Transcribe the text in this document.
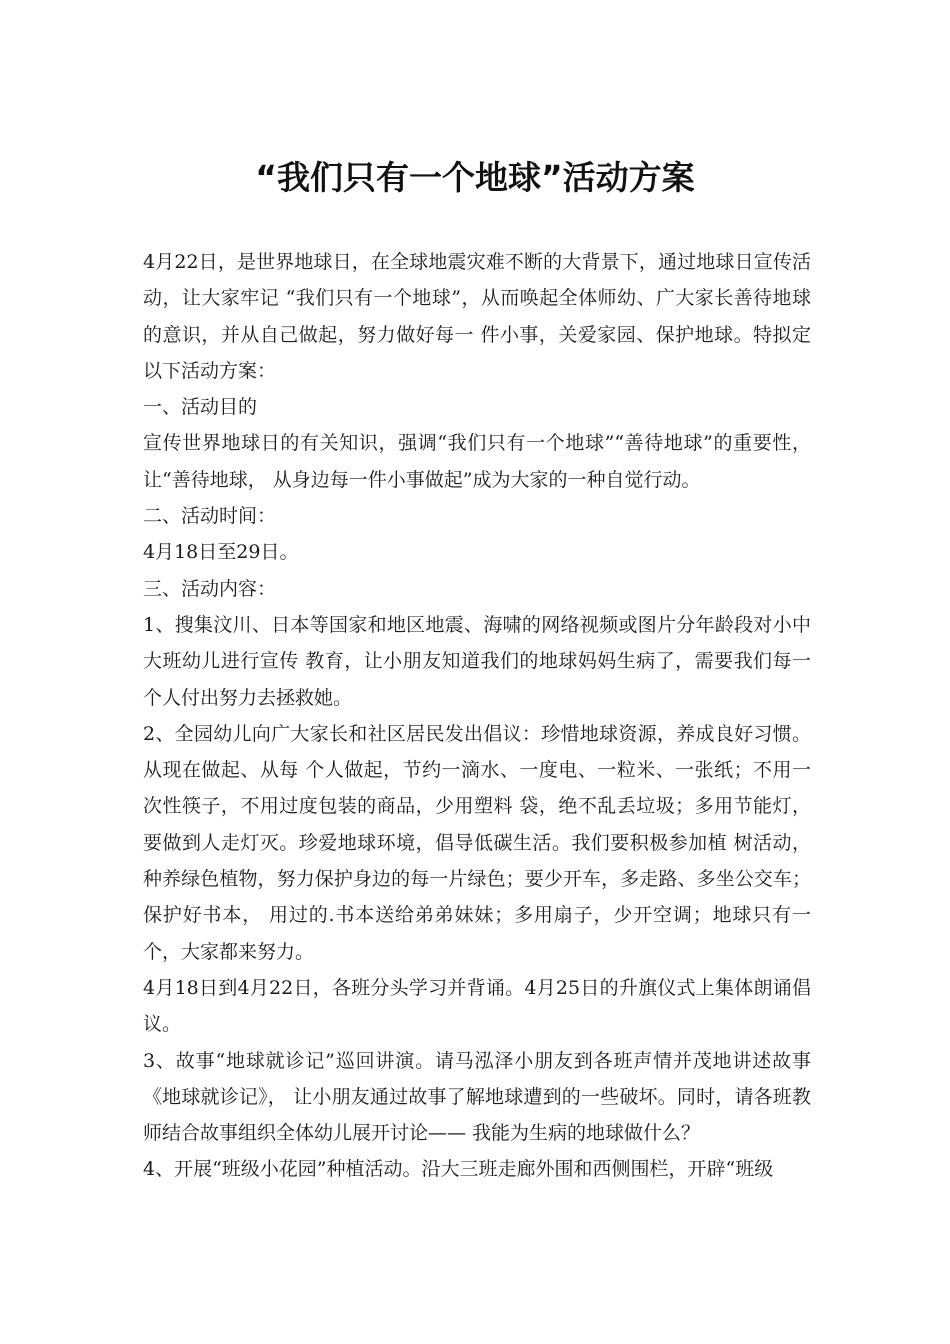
“我们只有一个地球”活动方案

4月22日，是世界地球日，在全球地震灾难不断的大背景下，通过地球日宣传活动，让大家牢记 “我们只有一个地球”，从而唤起全体师幼、广大家长善待地球的意识，并从自己做起，努力做好每一 件小事，关爱家园、保护地球。特拟定以下活动方案：

一、活动目的

宣传世界地球日的有关知识，强调“我们只有一个地球”“善待地球”的重要性，让“善待地球， 从身边每一件小事做起”成为大家的一种自觉行动。

二、活动时间：

4月18日至29日。

三、活动内容：

1、搜集汶川、日本等国家和地区地震、海啸的网络视频或图片分年龄段对小中大班幼儿进行宣传 教育，让小朋友知道我们的地球妈妈生病了，需要我们每一个人付出努力去拯救她。

2、全园幼儿向广大家长和社区居民发出倡议：珍惜地球资源，养成良好习惯。从现在做起、从每 个人做起，节约一滴水、一度电、一粒米、一张纸；不用一次性筷子，不用过度包装的商品，少用塑料 袋，绝不乱丢垃圾；多用节能灯，要做到人走灯灭。珍爱地球环境，倡导低碳生活。我们要积极参加植 树活动，种养绿色植物，努力保护身边的每一片绿色；要少开车，多走路、多坐公交车；保护好书本， 用过的.书本送给弟弟妹妹；多用扇子，少开空调；地球只有一个，大家都来努力。

4月18日到4月22日，各班分头学习并背诵。4月25日的升旗仪式上集体朗诵倡议。

3、故事“地球就诊记”巡回讲演。请马泓泽小朋友到各班声情并茂地讲述故事《地球就诊记》， 让小朋友通过故事了解地球遭到的一些破坏。同时，请各班教师结合故事组织全体幼儿展开讨论—— 我能为生病的地球做什么？

4、开展“班级小花园”种植活动。沿大三班走廊外围和西侧围栏，开辟“班级
